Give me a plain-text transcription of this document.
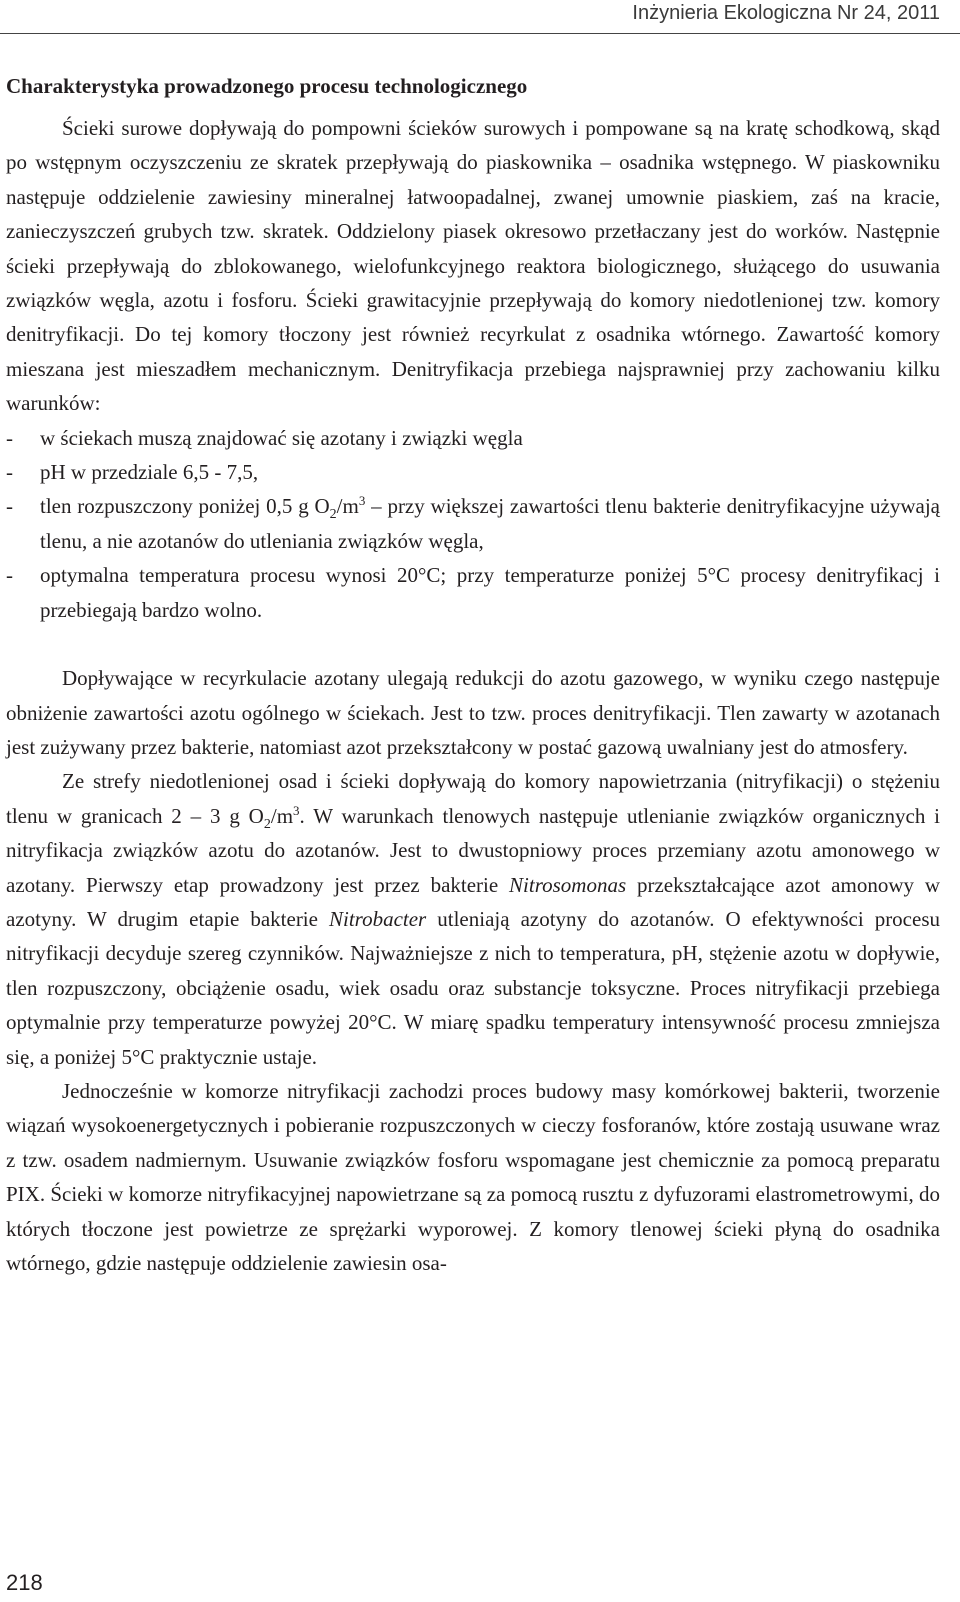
Inżynieria Ekologiczna Nr 24, 2011
Charakterystyka prowadzonego procesu technologicznego

Ścieki surowe dopływają do pompowni ścieków surowych i pompowane są na kratę schodkową, skąd po wstępnym oczyszczeniu ze skratek przepływają do piaskownika – osadnika wstępnego. W piaskowniku następuje oddzielenie zawiesiny mineralnej łatwoopadalnej, zwanej umownie piaskiem, zaś na kracie, zanieczyszczeń grubych tzw. skratek. Oddzielony piasek okresowo przetłaczany jest do worków. Następnie ścieki przepływają do zblokowanego, wielofunkcyjnego reaktora biologicznego, służącego do usuwania związków węgla, azotu i fosforu. Ścieki grawitacyjnie przepływają do komory niedotlenionej tzw. komory denitryfikacji. Do tej komory tłoczony jest również recyrkulat z osadnika wtórnego. Zawartość komory mieszana jest mieszadłem mechanicznym. Denitryfikacja przebiega najsprawniej przy zachowaniu kilku warunków:

- w ściekach muszą znajdować się azotany i związki węgla
- pH w przedziale 6,5 - 7,5,
- tlen rozpuszczony poniżej 0,5 g $O_2/m^3$ – przy większej zawartości tlenu bakterie denitryfikacyjne używają tlenu, a nie azotanów do utleniania związków węgla,
- optymalna temperatura procesu wynosi 20°C; przy temperaturze poniżej 5°C procesy denitryfikacj i przebiegają bardzo wolno.

Dopływające w recyrkulacie azotany ulegają redukcji do azotu gazowego, w wyniku czego następuje obniżenie zawartości azotu ogólnego w ściekach. Jest to tzw. proces denitryfikacji. Tlen zawarty w azotanach jest zużywany przez bakterie, natomiast azot przekształcony w postać gazową uwalniany jest do atmosfery.

Ze strefy niedotlenionej osad i ścieki dopływają do komory napowietrzania (nitryfikacji) o stężeniu tlenu w granicach 2 – 3 g $O_2/m^3$. W warunkach tlenowych następuje utlenianie związków organicznych i nitryfikacja związków azotu do azotanów. Jest to dwustopniowy proces przemiany azotu amonowego w azotany. Pierwszy etap prowadzony jest przez bakterie Nitrosomonas przekształcające azot amonowy w azotyny. W drugim etapie bakterie Nitrobacter utleniają azotyny do azotanów. O efektywności procesu nitryfikacji decyduje szereg czynników. Najważniejsze z nich to temperatura, pH, stężenie azotu w dopływie, tlen rozpuszczony, obciążenie osadu, wiek osadu oraz substancje toksyczne. Proces nitryfikacji przebiega optymalnie przy temperaturze powyżej 20°C. W miarę spadku temperatury intensywność procesu zmniejsza się, a poniżej 5°C praktycznie ustaje.

Jednocześnie w komorze nitryfikacji zachodzi proces budowy masy komórkowej bakterii, tworzenie wiązań wysokoenergetycznych i pobieranie rozpuszczonych w cieczy fosforanów, które zostają usuwane wraz z tzw. osadem nadmiernym. Usuwanie związków fosforu wspomagane jest chemicznie za pomocą preparatu PIX. Ścieki w komorze nitryfikacyjnej napowietrzane są za pomocą rusztu z dyfuzorami elastrometrowymi, do których tłoczone jest powietrze ze sprężarki wyporowej. Z komory tlenowej ścieki płyną do osadnika wtórnego, gdzie następuje oddzielenie zawiesin osa-

218
